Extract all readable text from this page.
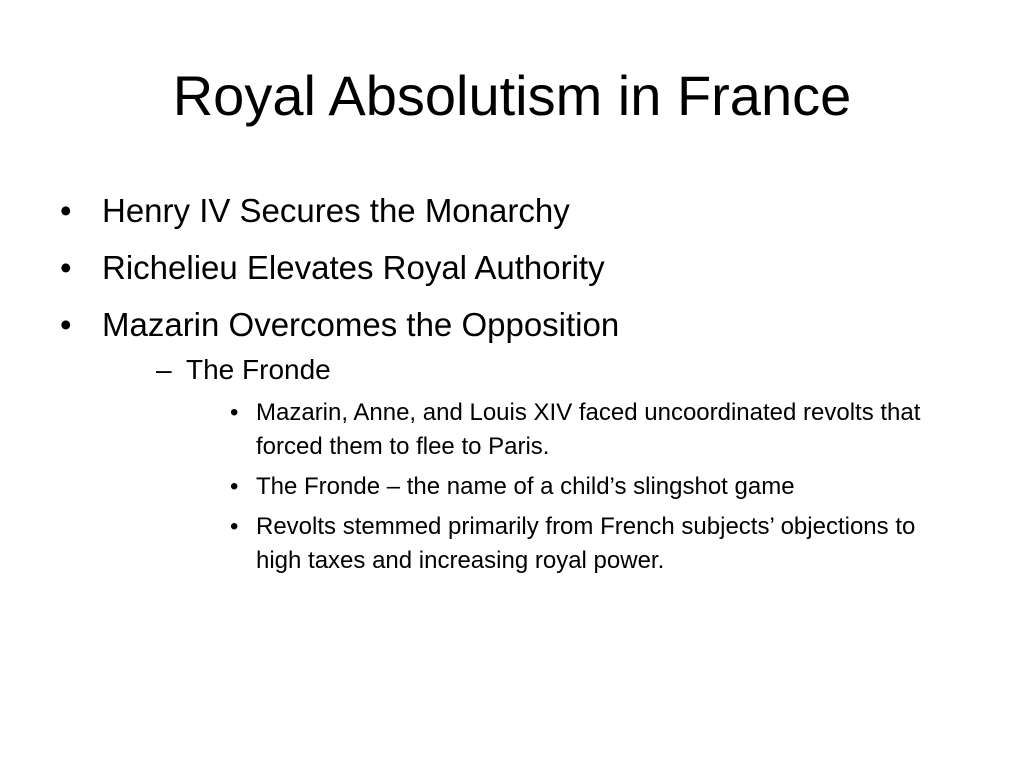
Royal Absolutism in France
• Henry IV Secures the Monarchy
• Richelieu Elevates Royal Authority
• Mazarin Overcomes the Opposition
– The Fronde
• Mazarin, Anne, and Louis XIV faced uncoordinated revolts that forced them to flee to Paris.
• The Fronde – the name of a child’s slingshot game
• Revolts stemmed primarily from French subjects’ objections to high taxes and increasing royal power.
